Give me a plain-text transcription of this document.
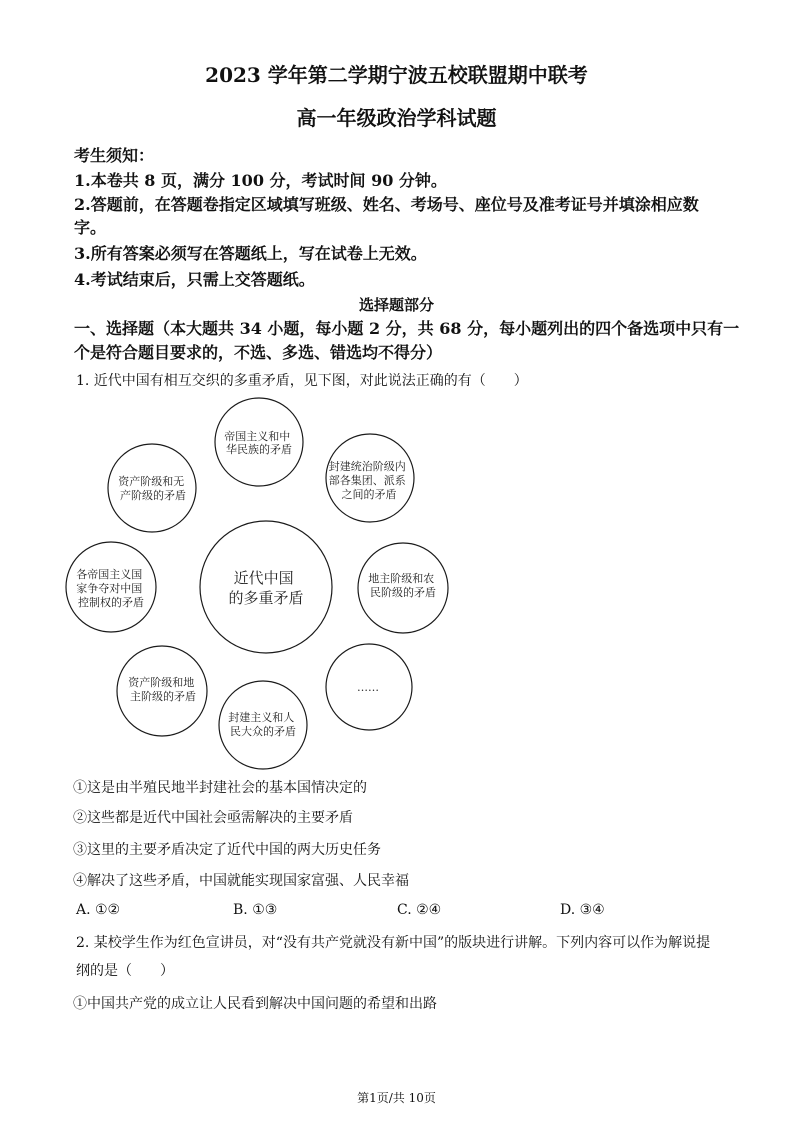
2023 学年第二学期宁波五校联盟期中联考
高一年级政治学科试题
考生须知：
1.本卷共 8 页，满分 100 分，考试时间 90 分钟。
2.答题前，在答题卷指定区域填写班级、姓名、考场号、座位号及准考证号并填涂相应数
字。
3.所有答案必须写在答题纸上，写在试卷上无效。
4.考试结束后，只需上交答题纸。
选择题部分
一、选择题（本大题共 34 小题，每小题 2 分，共 68 分，每小题列出的四个备选项中只有一
个是符合题目要求的，不选、多选、错选均不得分）
1. 近代中国有相互交织的多重矛盾，见下图，对此说法正确的有（　　）
近代中国 的多重矛盾
帝国主义和中 华民族的矛盾
封建统治阶级内 部各集团、派系 之间的矛盾
地主阶级和农 民阶级的矛盾
……
封建主义和人 民大众的矛盾
资产阶级和地 主阶级的矛盾
各帝国主义国 家争夺对中国 控制权的矛盾
资产阶级和无 产阶级的矛盾
①这是由半殖民地半封建社会的基本国情决定的
②这些都是近代中国社会亟需解决的主要矛盾
③这里的主要矛盾决定了近代中国的两大历史任务
④解决了这些矛盾，中国就能实现国家富强、人民幸福
A. ①②	B. ①③	C. ②④	D. ③④
2. 某校学生作为红色宣讲员，对“没有共产党就没有新中国”的版块进行讲解。下列内容可以作为解说提
纲的是（　　）
①中国共产党的成立让人民看到解决中国问题的希望和出路
第1页/共 10页
